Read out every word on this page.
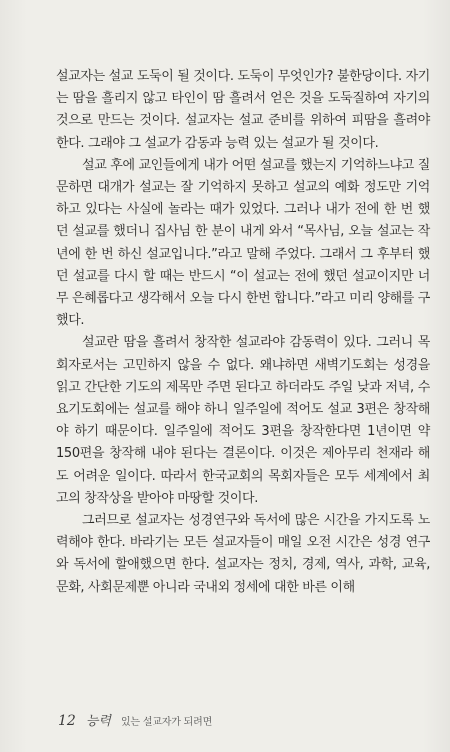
설교자는 설교 도둑이 될 것이다. 도둑이 무엇인가? 불한당이다. 자기는 땀을 흘리지 않고 타인이 땀 흘려서 얻은 것을 도둑질하여 자기의 것으로 만드는 것이다. 설교자는 설교 준비를 위하여 피땀을 흘려야 한다. 그래야 그 설교가 감동과 능력 있는 설교가 될 것이다.

설교 후에 교인들에게 내가 어떤 설교를 했는지 기억하느냐고 질문하면 대개가 설교는 잘 기억하지 못하고 설교의 예화 정도만 기억하고 있다는 사실에 놀라는 때가 있었다. 그러나 내가 전에 한 번 했던 설교를 했더니 집사님 한 분이 내게 와서 “목사님, 오늘 설교는 작년에 한 번 하신 설교입니다.”라고 말해 주었다. 그래서 그 후부터 했던 설교를 다시 할 때는 반드시 “이 설교는 전에 했던 설교이지만 너무 은혜롭다고 생각해서 오늘 다시 한번 합니다.”라고 미리 양해를 구했다.

설교란 땀을 흘려서 창작한 설교라야 감동력이 있다. 그러니 목회자로서는 고민하지 않을 수 없다. 왜냐하면 새벽기도회는 성경을 읽고 간단한 기도의 제목만 주면 된다고 하더라도 주일 낮과 저녁, 수요기도회에는 설교를 해야 하니 일주일에 적어도 설교 3편은 창작해야 하기 때문이다. 일주일에 적어도 3편을 창작한다면 1년이면 약 150편을 창작해 내야 된다는 결론이다. 이것은 제아무리 천재라 해도 어려운 일이다. 따라서 한국교회의 목회자들은 모두 세계에서 최고의 창작상을 받아야 마땅할 것이다.

그러므로 설교자는 성경연구와 독서에 많은 시간을 가지도록 노력해야 한다. 바라기는 모든 설교자들이 매일 오전 시간은 성경 연구와 독서에 할애했으면 한다. 설교자는 정치, 경제, 역사, 과학, 교육, 문화, 사회문제뿐 아니라 국내외 정세에 대한 바른 이해

12 능력 있는 설교자가 되려면
